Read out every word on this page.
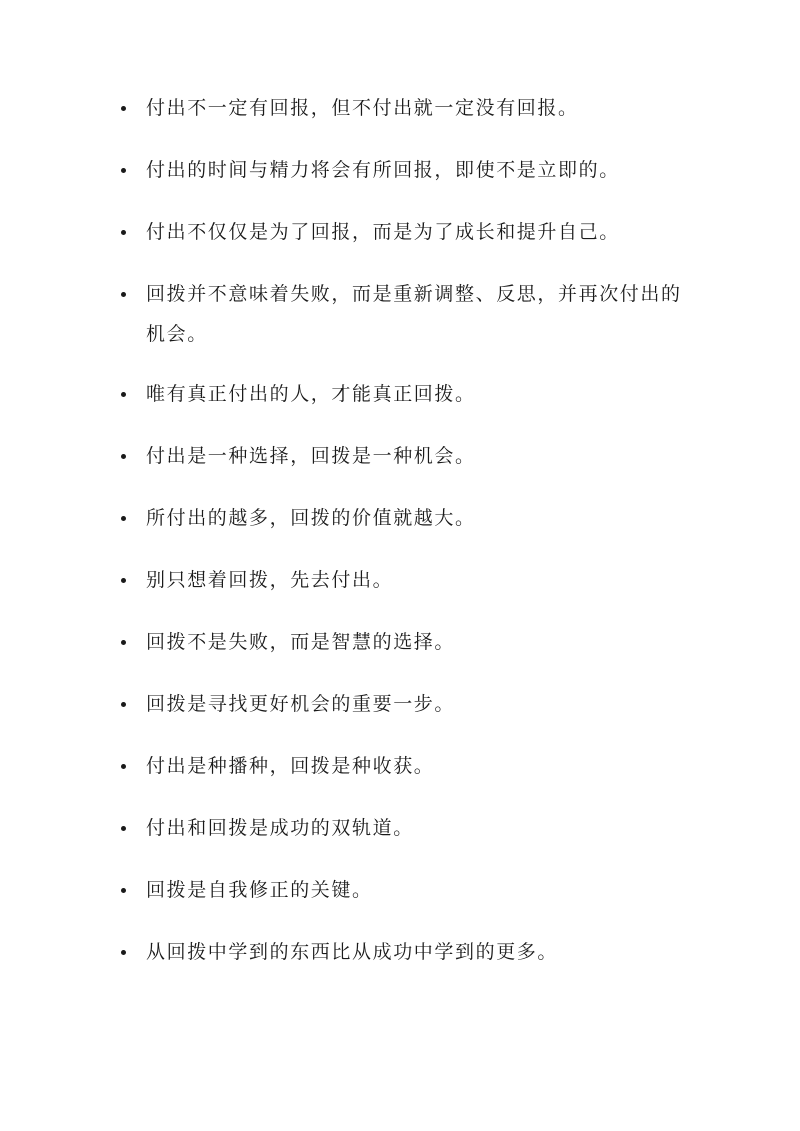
付出不一定有回报，但不付出就一定没有回报。
付出的时间与精力将会有所回报，即使不是立即的。
付出不仅仅是为了回报，而是为了成长和提升自己。
回拨并不意味着失败，而是重新调整、反思，并再次付出的机会。
唯有真正付出的人，才能真正回拨。
付出是一种选择，回拨是一种机会。
所付出的越多，回拨的价值就越大。
别只想着回拨，先去付出。
回拨不是失败，而是智慧的选择。
回拨是寻找更好机会的重要一步。
付出是种播种，回拨是种收获。
付出和回拨是成功的双轨道。
回拨是自我修正的关键。
从回拨中学到的东西比从成功中学到的更多。
